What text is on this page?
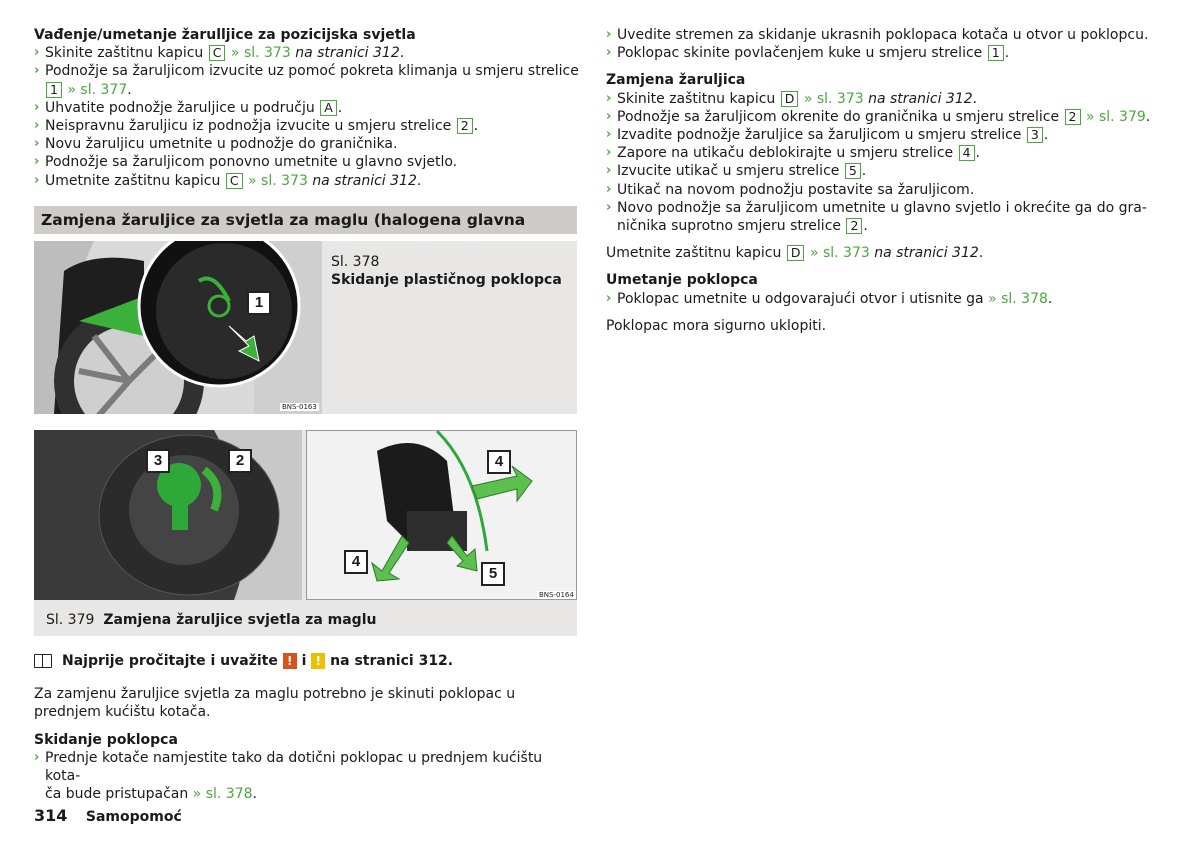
Vađenje/umetanje žarulljice za pozicijska svjetla

› Skinite zaštitnu kapicu C » sl. 373 na stranici 312.

› Podnožje sa žaruljicom izvucite uz pomoć pokreta klimanja u smjeru strelice
1 » sl. 377.

› Uhvatite podnožje žaruljice u području A .

› Neispravnu žaruljicu iz podnožja izvucite u smjeru strelice 2 .

› Novu žaruljicu umetnite u podnožje do graničnika.

› Podnožje sa žaruljicom ponovno umetnite u glavno svjetlo.

› Umetnite zaštitnu kapicu C » sl. 373 na stranici 312.

Zamjena žaruljice za svjetla za maglu (halogena glavna
1
BNS-0163
Sl. 378
Skidanje plastičnog poklopca
3	2	4
4
5
BNS-0164
Sl. 379 Zamjena žaruljice svjetla za maglu

Najprije pročitajte i uvažite ! i ! na stranici 312.

Za zamjenu žaruljice svjetla za maglu potrebno je skinuti poklopac u prednjem kućištu kotača.

Skidanje poklopca

› Prednje kotače namjestite tako da dotični poklopac u prednjem kućištu kota-
ča bude pristupačan » sl. 378.

› Uvedite stremen za skidanje ukrasnih poklopaca kotača u otvor u poklopcu.

› Poklopac skinite povlačenjem kuke u smjeru strelice 1 .

Zamjena žaruljica

› Skinite zaštitnu kapicu D » sl. 373 na stranici 312.

› Podnožje sa žaruljicom okrenite do graničnika u smjeru strelice 2 » sl. 379.

› Izvadite podnožje žaruljice sa žaruljicom u smjeru strelice 3 .

› Zapore na utikaču deblokirajte u smjeru strelice 4 .

› Izvucite utikač u smjeru strelice 5 .

› Utikač na novom podnožju postavite sa žaruljicom.

› Novo podnožje sa žaruljicom umetnite u glavno svjetlo i okrećite ga do gra-
ničnika suprotno smjeru strelice 2 .

Umetnite zaštitnu kapicu D » sl. 373 na stranici 312.

Umetanje poklopca

› Poklopac umetnite u odgovarajući otvor i utisnite ga » sl. 378.

Poklopac mora sigurno uklopiti.

314 Samopomoć
